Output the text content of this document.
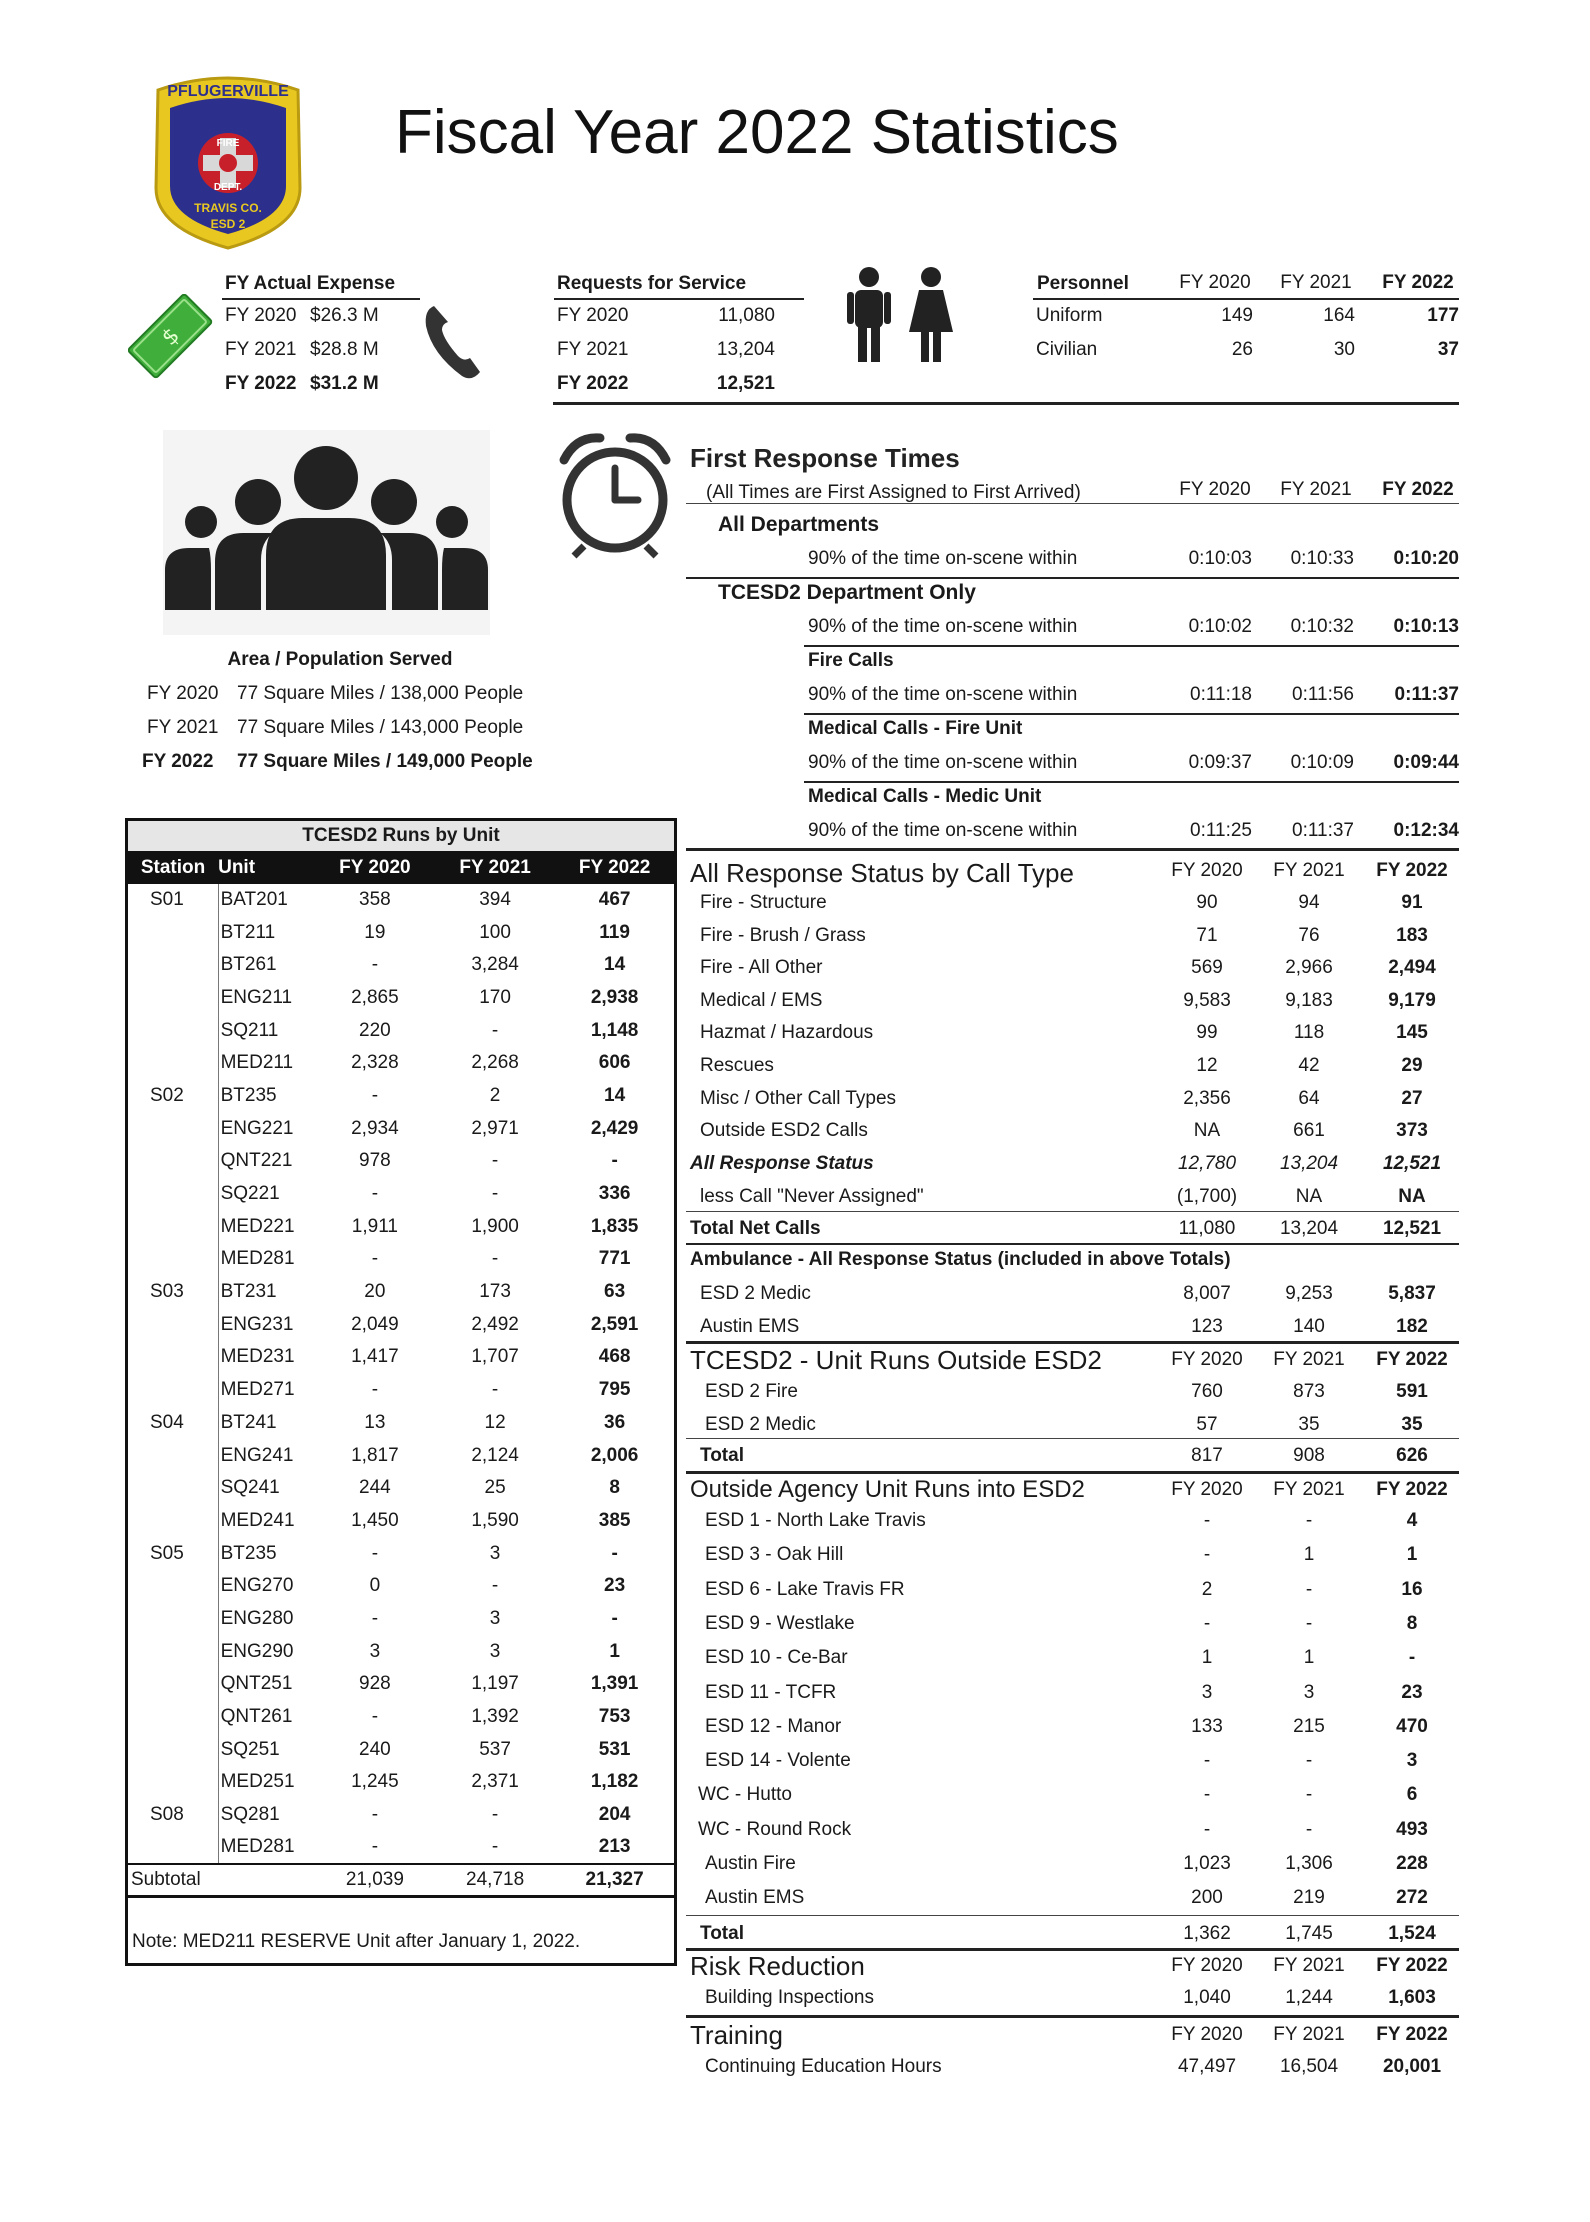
PFLUGERVILLE
FIRE
DEPT.
TRAVIS CO.
ESD 2
Fiscal Year 2022 Statistics
$
FY Actual Expense	Requests for Service	Personnel
Area / Population Served
First Response Times
(All Times are First Assigned to First Arrived)
TCESD2 Runs by Unit				
Station	Unit	FY 2020	FY 2021	FY 2022
S01	BAT201	358	394	467
	BT211	19	100	119
	BT261	-	3,284	14
	ENG211	2,865	170	2,938
	SQ211	220	-	1,148
	MED211	2,328	2,268	606
S02	BT235	-	2	14
	ENG221	2,934	2,971	2,429
	QNT221	978	-	-
	SQ221	-	-	336
	MED221	1,911	1,900	1,835
	MED281	-	-	771
S03	BT231	20	173	63
	ENG231	2,049	2,492	2,591
	MED231	1,417	1,707	468
	MED271	-	-	795
S04	BT241	13	12	36
	ENG241	1,817	2,124	2,006
	SQ241	244	25	8
	MED241	1,450	1,590	385
S05	BT235	-	3	-
	ENG270	0	-	23
	ENG280	-	3	-
	ENG290	3	3	1
	QNT251	928	1,197	1,391
	QNT261	-	1,392	753
	SQ251	240	537	531
	MED251	1,245	2,371	1,182
S08	SQ281	-	-	204
	MED281	-	-	213
Subtotal		21,039	24,718	21,327
Note: MED211 RESERVE Unit after January 1, 2022.				
FY 2020 $26.3 M
FY 2021 $28.8 M
FY 2022 $31.2 M
FY 2020	11,080
FY 2021	13,204
FY 2022	12,521
FY 2020	FY 2021	FY 2022
Uniform	149	164	177
Civilian	26	30	37
FY 2020 77 Square Miles / 138,000 People
FY 2021 77 Square Miles / 143,000 People
FY 2022 77 Square Miles / 149,000 People
FY 2020	FY 2021	FY 2022
All Departments
90% of the time on-scene within	0:10:03	0:10:33	0:10:20
TCESD2 Department Only
90% of the time on-scene within	0:10:02	0:10:32	0:10:13
Fire Calls
90% of the time on-scene within	0:11:18	0:11:56	0:11:37
Medical Calls - Fire Unit
90% of the time on-scene within	0:09:37	0:10:09	0:09:44
Medical Calls - Medic Unit
90% of the time on-scene within	0:11:25	0:11:37	0:12:34
All Response Status by Call Type	FY 2020	FY 2021	FY 2022
Fire - Structure	90	94	91
Fire - Brush / Grass	71	76	183
Fire - All Other	569	2,966	2,494
Medical / EMS	9,583	9,183	9,179
Hazmat / Hazardous	99	118	145
Rescues	12	42	29
Misc / Other Call Types	2,356	64	27
Outside ESD2 Calls	NA	661	373
All Response Status	12,780	13,204	12,521
less Call "Never Assigned"	(1,700)	NA	NA
Total Net Calls	11,080	13,204	12,521
Ambulance - All Response Status (included in above Totals)
ESD 2 Medic	8,007	9,253	5,837
Austin EMS	123	140	182
TCESD2 - Unit Runs Outside ESD2	FY 2020	FY 2021	FY 2022
ESD 2 Fire	760	873	591
ESD 2 Medic	57	35	35
Total	817	908	626
Outside Agency Unit Runs into ESD2	FY 2020	FY 2021	FY 2022
ESD 1 - North Lake Travis	-	-	4
ESD 3 - Oak Hill	-	1	1
ESD 6 - Lake Travis FR	2	-	16
ESD 9 - Westlake	-	-	8
ESD 10 - Ce-Bar	1	1	-
ESD 11 - TCFR	3	3	23
ESD 12 - Manor	133	215	470
ESD 14 - Volente	-	-	3
WC - Hutto	-	-	6
WC - Round Rock	-	-	493
Austin Fire	1,023	1,306	228
Austin EMS	200	219	272
Total	1,362	1,745	1,524
Risk Reduction	FY 2020	FY 2021	FY 2022
Building Inspections	1,040	1,244	1,603
Training	FY 2020	FY 2021	FY 2022
Continuing Education Hours	47,497	16,504	20,001
